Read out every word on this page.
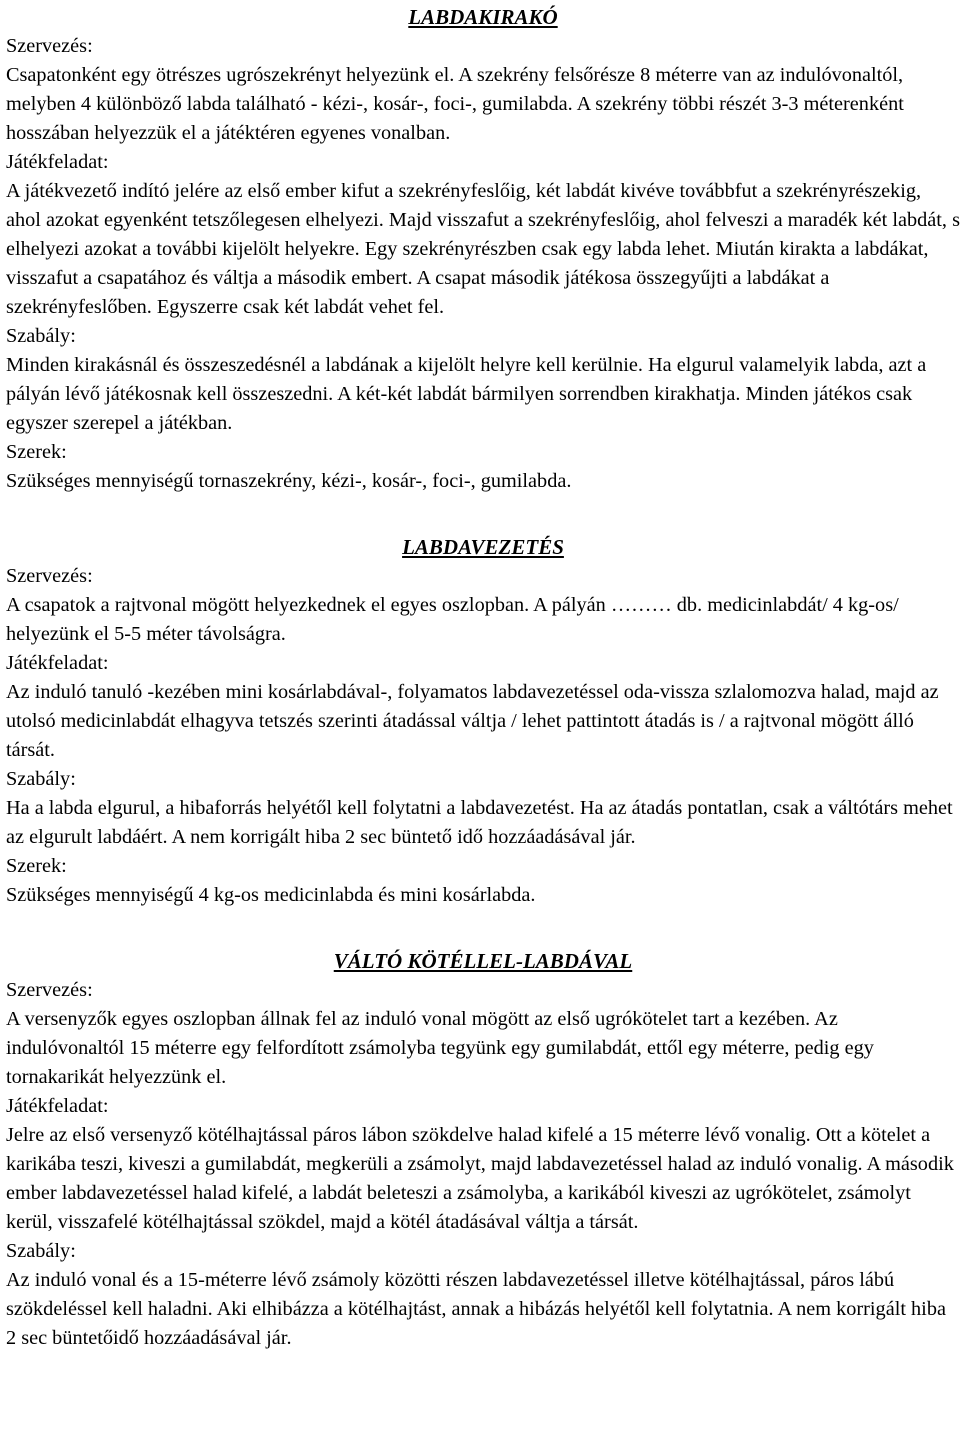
LABDAKIRAKÓ

Szervezés:

Csapatonként egy ötrészes ugrószekrényt helyezünk el. A szekrény felsőrésze 8 méterre van az indulóvonaltól, melyben 4 különböző labda található - kézi-, kosár-, foci-, gumilabda. A szekrény többi részét 3-3 méterenként hosszában helyezzük el a játéktéren egyenes vonalban.

Játékfeladat:

A játékvezető indító jelére az első ember kifut a szekrényfeslőig, két labdát kivéve továbbfut a szekrényrészekig, ahol azokat egyenként tetszőlegesen elhelyezi. Majd visszafut a szekrényfeslőig, ahol felveszi a maradék két labdát, s elhelyezi azokat a további kijelölt helyekre. Egy szekrényrészben csak egy labda lehet. Miután kirakta a labdákat, visszafut a csapatához és váltja a második embert. A csapat második játékosa összegyűjti a labdákat a szekrényfeslőben. Egyszerre csak két labdát vehet fel.

Szabály:

Minden kirakásnál és összeszedésnél a labdának a kijelölt helyre kell kerülnie. Ha elgurul valamelyik labda, azt a pályán lévő játékosnak kell összeszedni. A két-két labdát bármilyen sorrendben kirakhatja. Minden játékos csak egyszer szerepel a játékban.

Szerek:

Szükséges mennyiségű tornaszekrény, kézi-, kosár-, foci-, gumilabda.

LABDAVEZETÉS

Szervezés:

A csapatok a rajtvonal mögött helyezkednek el egyes oszlopban. A pályán ……… db. medicinlabdát/ 4 kg-os/ helyezünk el 5-5 méter távolságra.

Játékfeladat:

Az induló tanuló -kezében mini kosárlabdával-, folyamatos labdavezetéssel oda-vissza szlalomozva halad, majd az utolsó medicinlabdát elhagyva tetszés szerinti átadással váltja / lehet pattintott átadás is / a rajtvonal mögött álló társát.

Szabály:

Ha a labda elgurul, a hibaforrás helyétől kell folytatni a labdavezetést. Ha az átadás pontatlan, csak a váltótárs mehet az elgurult labdáért. A nem korrigált hiba 2 sec büntető idő hozzáadásával jár.

Szerek:

Szükséges mennyiségű 4 kg-os medicinlabda és mini kosárlabda.

VÁLTÓ KÖTÉLLEL-LABDÁVAL

Szervezés:

A versenyzők egyes oszlopban állnak fel az induló vonal mögött az első ugrókötelet tart a kezében. Az indulóvonaltól 15 méterre egy felfordított zsámolyba tegyünk egy gumilabdát, ettől egy méterre, pedig egy tornakarikát helyezzünk el.

Játékfeladat:

Jelre az első versenyző kötélhajtással páros lábon szökdelve halad kifelé a 15 méterre lévő vonalig. Ott a kötelet a karikába teszi, kiveszi a gumilabdát, megkerüli a zsámolyt, majd labdavezetéssel halad az induló vonalig. A második ember labdavezetéssel halad kifelé, a labdát beleteszi a zsámolyba, a karikából kiveszi az ugrókötelet, zsámolyt kerül, visszafelé kötélhajtással szökdel, majd a kötél átadásával váltja a társát.

Szabály:

Az induló vonal és a 15-méterre lévő zsámoly közötti részen labdavezetéssel illetve kötélhajtással, páros lábú szökdeléssel kell haladni. Aki elhibázza a kötélhajtást, annak a hibázás helyétől kell folytatnia. A nem korrigált hiba 2 sec büntetőidő hozzáadásával jár.
